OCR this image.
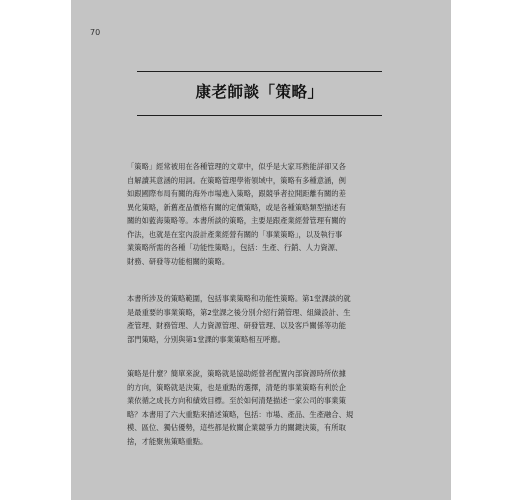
70
康老師談「策略」
「策略」經常被用在各種管理的文章中，似乎是大家耳熟能詳卻又各
自解讀其意涵的用詞。在策略管理學術領域中，策略有多種意涵，例
如跟國際布局有關的海外市場進入策略，跟競爭者拉開距離有關的差
異化策略，新舊產品價格有關的定價策略，或是各種策略類型描述有
關的如藍海策略等。本書所談的策略，主要是跟產業經營管理有關的
作法，也就是在室內設計產業經營有關的「事業策略」，以及執行事
業策略所需的各種「功能性策略」，包括：生產、行銷、人力資源、
財務、研發等功能相關的策略。
本書所涉及的策略範圍，包括事業策略和功能性策略。第1堂課談的就
是最重要的事業策略，第2堂課之後分別介紹行銷管理、組織設計、生
產管理、財務管理、人力資源管理、研發管理、以及客戶關係等功能
部門策略，分別與第1堂課的事業策略相互呼應。
策略是什麼？簡單來說，策略就是協助經營者配置內部資源時所依據
的方向，策略就是決策，也是重點的選擇，清楚的事業策略有利於企
業依循之成長方向和績效目標。至於如何清楚描述一家公司的事業策
略？本書用了六大重點來描述策略，包括：市場、產品、生產融合、規
模、區位、獨佔優勢，這些都是攸關企業競爭力的關鍵決策，有所取
捨，才能聚焦策略重點。
